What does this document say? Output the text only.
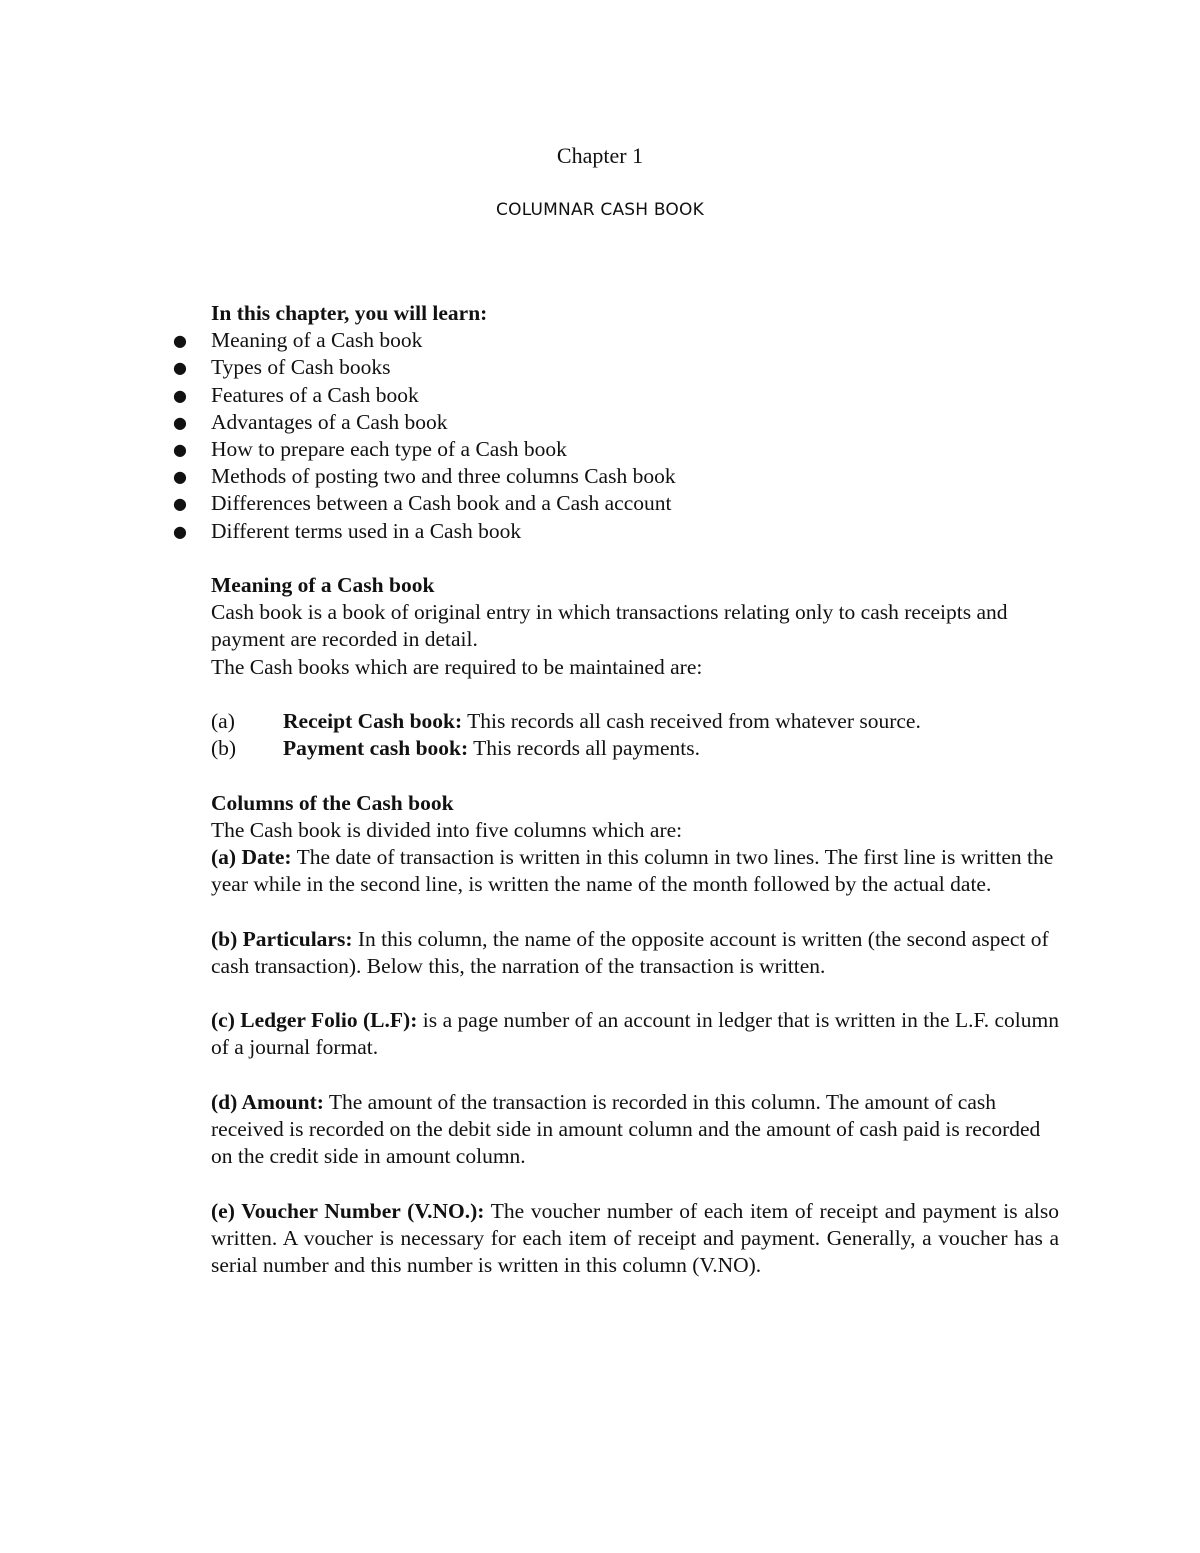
Chapter 1
COLUMNAR CASH BOOK

In this chapter, you will learn:

● Meaning of a Cash book
● Types of Cash books
● Features of a Cash book
● Advantages of a Cash book
● How to prepare each type of a Cash book
● Methods of posting two and three columns Cash book
● Differences between a Cash book and a Cash account
● Different terms used in a Cash book

Meaning of a Cash book

Cash book is a book of original entry in which transactions relating only to cash receipts and payment are recorded in detail.

The Cash books which are required to be maintained are:

(a)	Receipt Cash book: This records all cash received from whatever source.
(b)	Payment cash book: This records all payments.

Columns of the Cash book

The Cash book is divided into five columns which are:

(a) Date: The date of transaction is written in this column in two lines. The first line is written the year while in the second line, is written the name of the month followed by the actual date.

(b) Particulars: In this column, the name of the opposite account is written (the second aspect of cash transaction). Below this, the narration of the transaction is written.

(c) Ledger Folio (L.F): is a page number of an account in ledger that is written in the L.F. column of a journal format.

(d) Amount: The amount of the transaction is recorded in this column. The amount of cash received is recorded on the debit side in amount column and the amount of cash paid is recorded on the credit side in amount column.

(e) Voucher Number (V.NO.): The voucher number of each item of receipt and payment is also written. A voucher is necessary for each item of receipt and payment. Generally, a voucher has a serial number and this number is written in this column (V.NO).
